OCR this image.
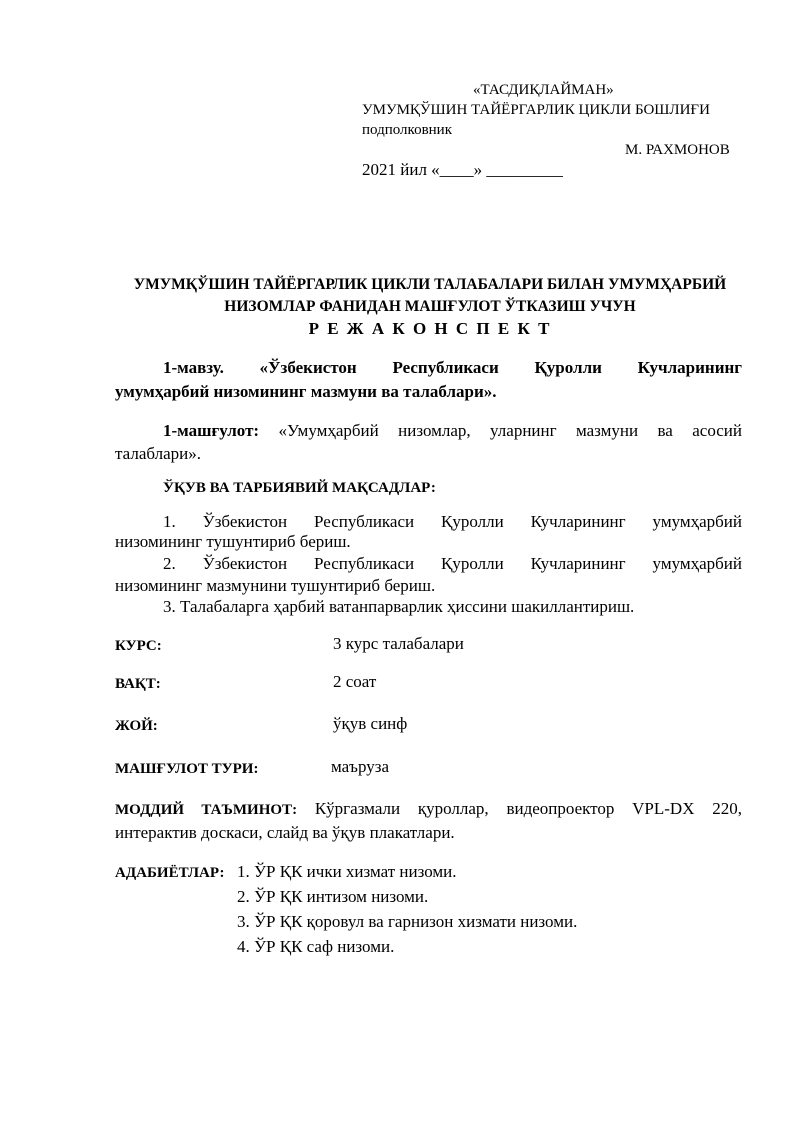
«ТАСДИҚЛАЙМАН»
УМУМҚЎШИН ТАЙЁРГАРЛИК ЦИКЛИ БОШЛИҒИ
подполковник
М. РАХМОНОВ
2021 йил «____» _________
УМУМҚЎШИН ТАЙЁРГАРЛИК ЦИКЛИ ТАЛАБАЛАРИ БИЛАН УМУМҲАРБИЙ
НИЗОМЛАР ФАНИДАН МАШҒУЛОТ ЎТКАЗИШ УЧУН
Р Е Ж А К О Н С П Е К Т
1-мавзу. «Ўзбекистон Республикаси Қуролли Кучларининг
умумҳарбий низомининг мазмуни ва талаблари».
1-машғулот: «Умумҳарбий низомлар, уларнинг мазмуни ва асосий
талаблари».
ЎҚУВ ВА ТАРБИЯВИЙ МАҚСАДЛАР:
1. Ўзбекистон Республикаси Қуролли Кучларининг умумҳарбий
низомининг тушунтириб бериш.
2. Ўзбекистон Республикаси Қуролли Кучларининг умумҳарбий
низомининг мазмунини тушунтириб бериш.
3. Талабаларга ҳарбий ватанпарварлик ҳиссини шакиллантириш.
КУРС:	3 курс талабалари
ВАҚТ:	2 соат
ЖОЙ:	ўқув синф
МАШҒУЛОТ ТУРИ:	маъруза
МОДДИЙ ТАЪМИНОТ: Кўргазмали қуроллар, видеопроектор VPL-DX 220,
интерактив доскаси, слайд ва ўқув плакатлари.
АДАБИЁТЛАР: 1. ЎР ҚК ички хизмат низоми.
2. ЎР ҚК интизом низоми.
3. ЎР ҚК қоровул ва гарнизон хизмати низоми.
4. ЎР ҚК саф низоми.
